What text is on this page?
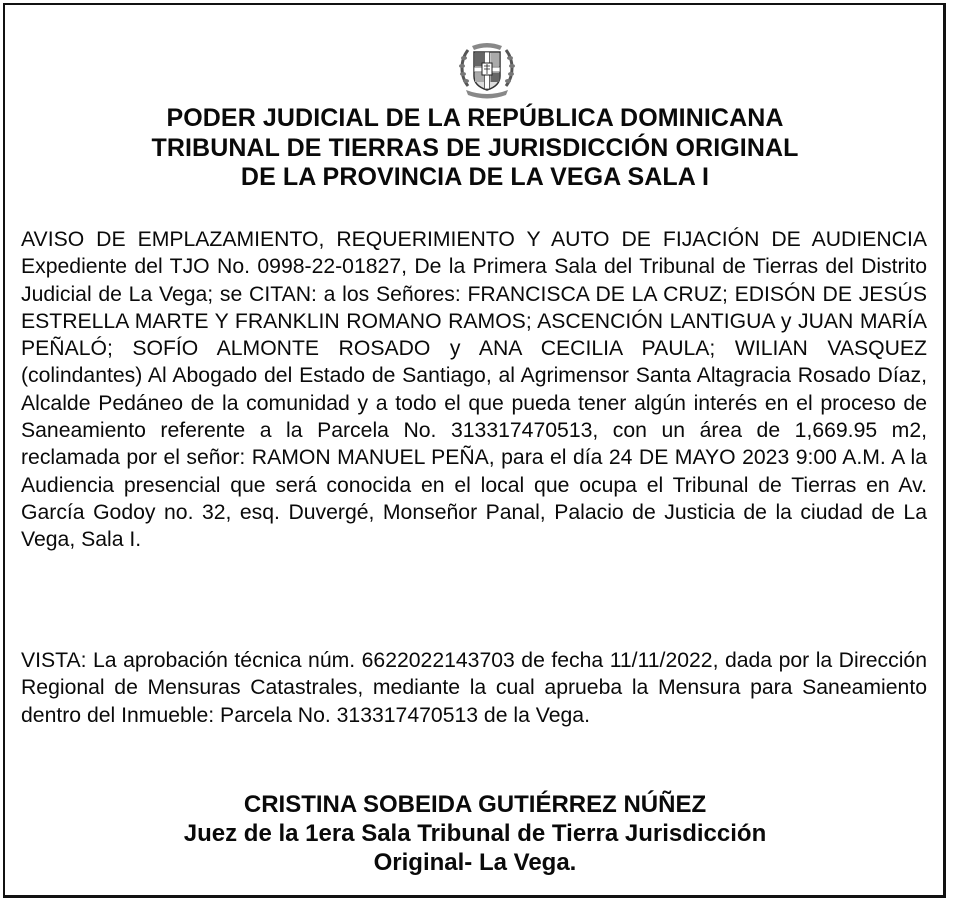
PODER JUDICIAL DE LA REPÚBLICA DOMINICANA
TRIBUNAL DE TIERRAS DE JURISDICCIÓN ORIGINAL
DE LA PROVINCIA DE LA VEGA SALA I
AVISO DE EMPLAZAMIENTO, REQUERIMIENTO Y AUTO DE FIJACIÓN DE AUDIENCIA Expediente del TJO No. 0998-22-01827, De la Primera Sala del Tribunal de Tierras del Distrito Judicial de La Vega; se CITAN: a los Señores: FRANCISCA DE LA CRUZ; EDISÓN DE JESÚS ESTRELLA MARTE Y FRANKLIN ROMANO RAMOS; ASCENCIÓN LANTIGUA y JUAN MARÍA PEÑALÓ; SOFÍO ALMONTE ROSADO y ANA CECILIA PAULA; WILIAN VASQUEZ (colindantes) Al Abogado del Estado de Santiago, al Agrimensor Santa Altagracia Rosado Díaz, Alcalde Pedáneo de la comunidad y a todo el que pueda tener algún interés en el proceso de Saneamiento referente a la Parcela No. 313317470513, con un área de 1,669.95 m2, reclamada por el señor: RAMON MANUEL PEÑA, para el día 24 DE MAYO 2023 9:00 A.M. A la Audiencia presencial que será conocida en el local que ocupa el Tribunal de Tierras en Av. García Godoy no. 32, esq. Duvergé, Monseñor Panal, Palacio de Justicia de la ciudad de La Vega, Sala I.
VISTA: La aprobación técnica núm. 6622022143703 de fecha 11/11/2022, dada por la Dirección Regional de Mensuras Catastrales, mediante la cual aprueba la Mensura para Saneamiento dentro del Inmueble: Parcela No. 313317470513 de la Vega.
CRISTINA SOBEIDA GUTIÉRREZ NÚÑEZ
Juez de la 1era Sala Tribunal de Tierra Jurisdicción
Original- La Vega.
